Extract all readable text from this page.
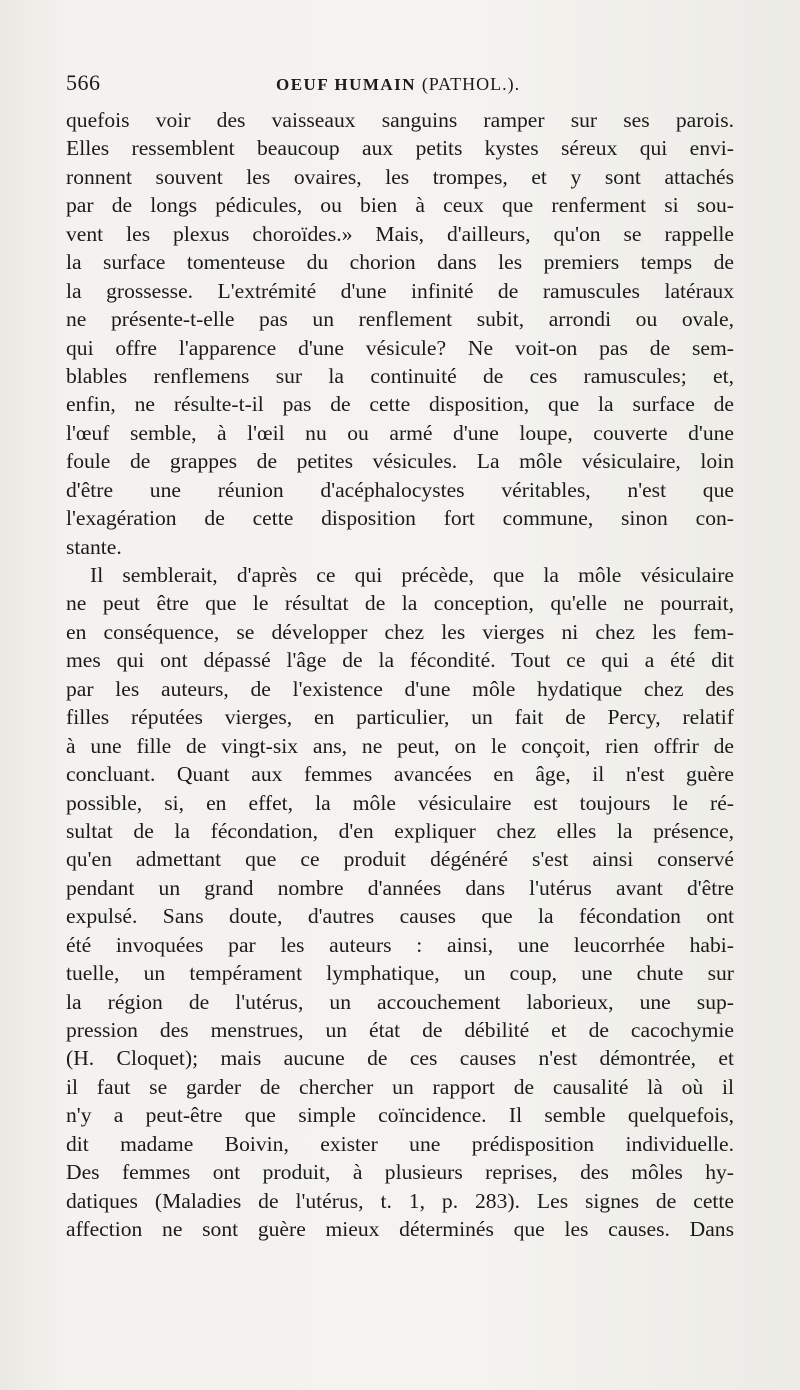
566	OEUF HUMAIN (PATHOL.).
quefois voir des vaisseaux sanguins ramper sur ses parois.
Elles ressemblent beaucoup aux petits kystes séreux qui envi-
ronnent souvent les ovaires, les trompes, et y sont attachés
par de longs pédicules, ou bien à ceux que renferment si sou-
vent les plexus choroïdes.» Mais, d'ailleurs, qu'on se rappelle
la surface tomenteuse du chorion dans les premiers temps de
la grossesse. L'extrémité d'une infinité de ramuscules latéraux
ne présente-t-elle pas un renflement subit, arrondi ou ovale,
qui offre l'apparence d'une vésicule? Ne voit-on pas de sem-
blables renflemens sur la continuité de ces ramuscules; et,
enfin, ne résulte-t-il pas de cette disposition, que la surface de
l'œuf semble, à l'œil nu ou armé d'une loupe, couverte d'une
foule de grappes de petites vésicules. La môle vésiculaire, loin
d'être une réunion d'acéphalocystes véritables, n'est que
l'exagération de cette disposition fort commune, sinon con-
stante.
Il semblerait, d'après ce qui précède, que la môle vésiculaire
ne peut être que le résultat de la conception, qu'elle ne pourrait,
en conséquence, se développer chez les vierges ni chez les fem-
mes qui ont dépassé l'âge de la fécondité. Tout ce qui a été dit
par les auteurs, de l'existence d'une môle hydatique chez des
filles réputées vierges, en particulier, un fait de Percy, relatif
à une fille de vingt-six ans, ne peut, on le conçoit, rien offrir de
concluant. Quant aux femmes avancées en âge, il n'est guère
possible, si, en effet, la môle vésiculaire est toujours le ré-
sultat de la fécondation, d'en expliquer chez elles la présence,
qu'en admettant que ce produit dégénéré s'est ainsi conservé
pendant un grand nombre d'années dans l'utérus avant d'être
expulsé. Sans doute, d'autres causes que la fécondation ont
été invoquées par les auteurs : ainsi, une leucorrhée habi-
tuelle, un tempérament lymphatique, un coup, une chute sur
la région de l'utérus, un accouchement laborieux, une sup-
pression des menstrues, un état de débilité et de cacochymie
(H. Cloquet); mais aucune de ces causes n'est démontrée, et
il faut se garder de chercher un rapport de causalité là où il
n'y a peut-être que simple coïncidence. Il semble quelquefois,
dit madame Boivin, exister une prédisposition individuelle.
Des femmes ont produit, à plusieurs reprises, des môles hy-
datiques (Maladies de l'utérus, t. 1, p. 283). Les signes de cette
affection ne sont guère mieux déterminés que les causes. Dans
